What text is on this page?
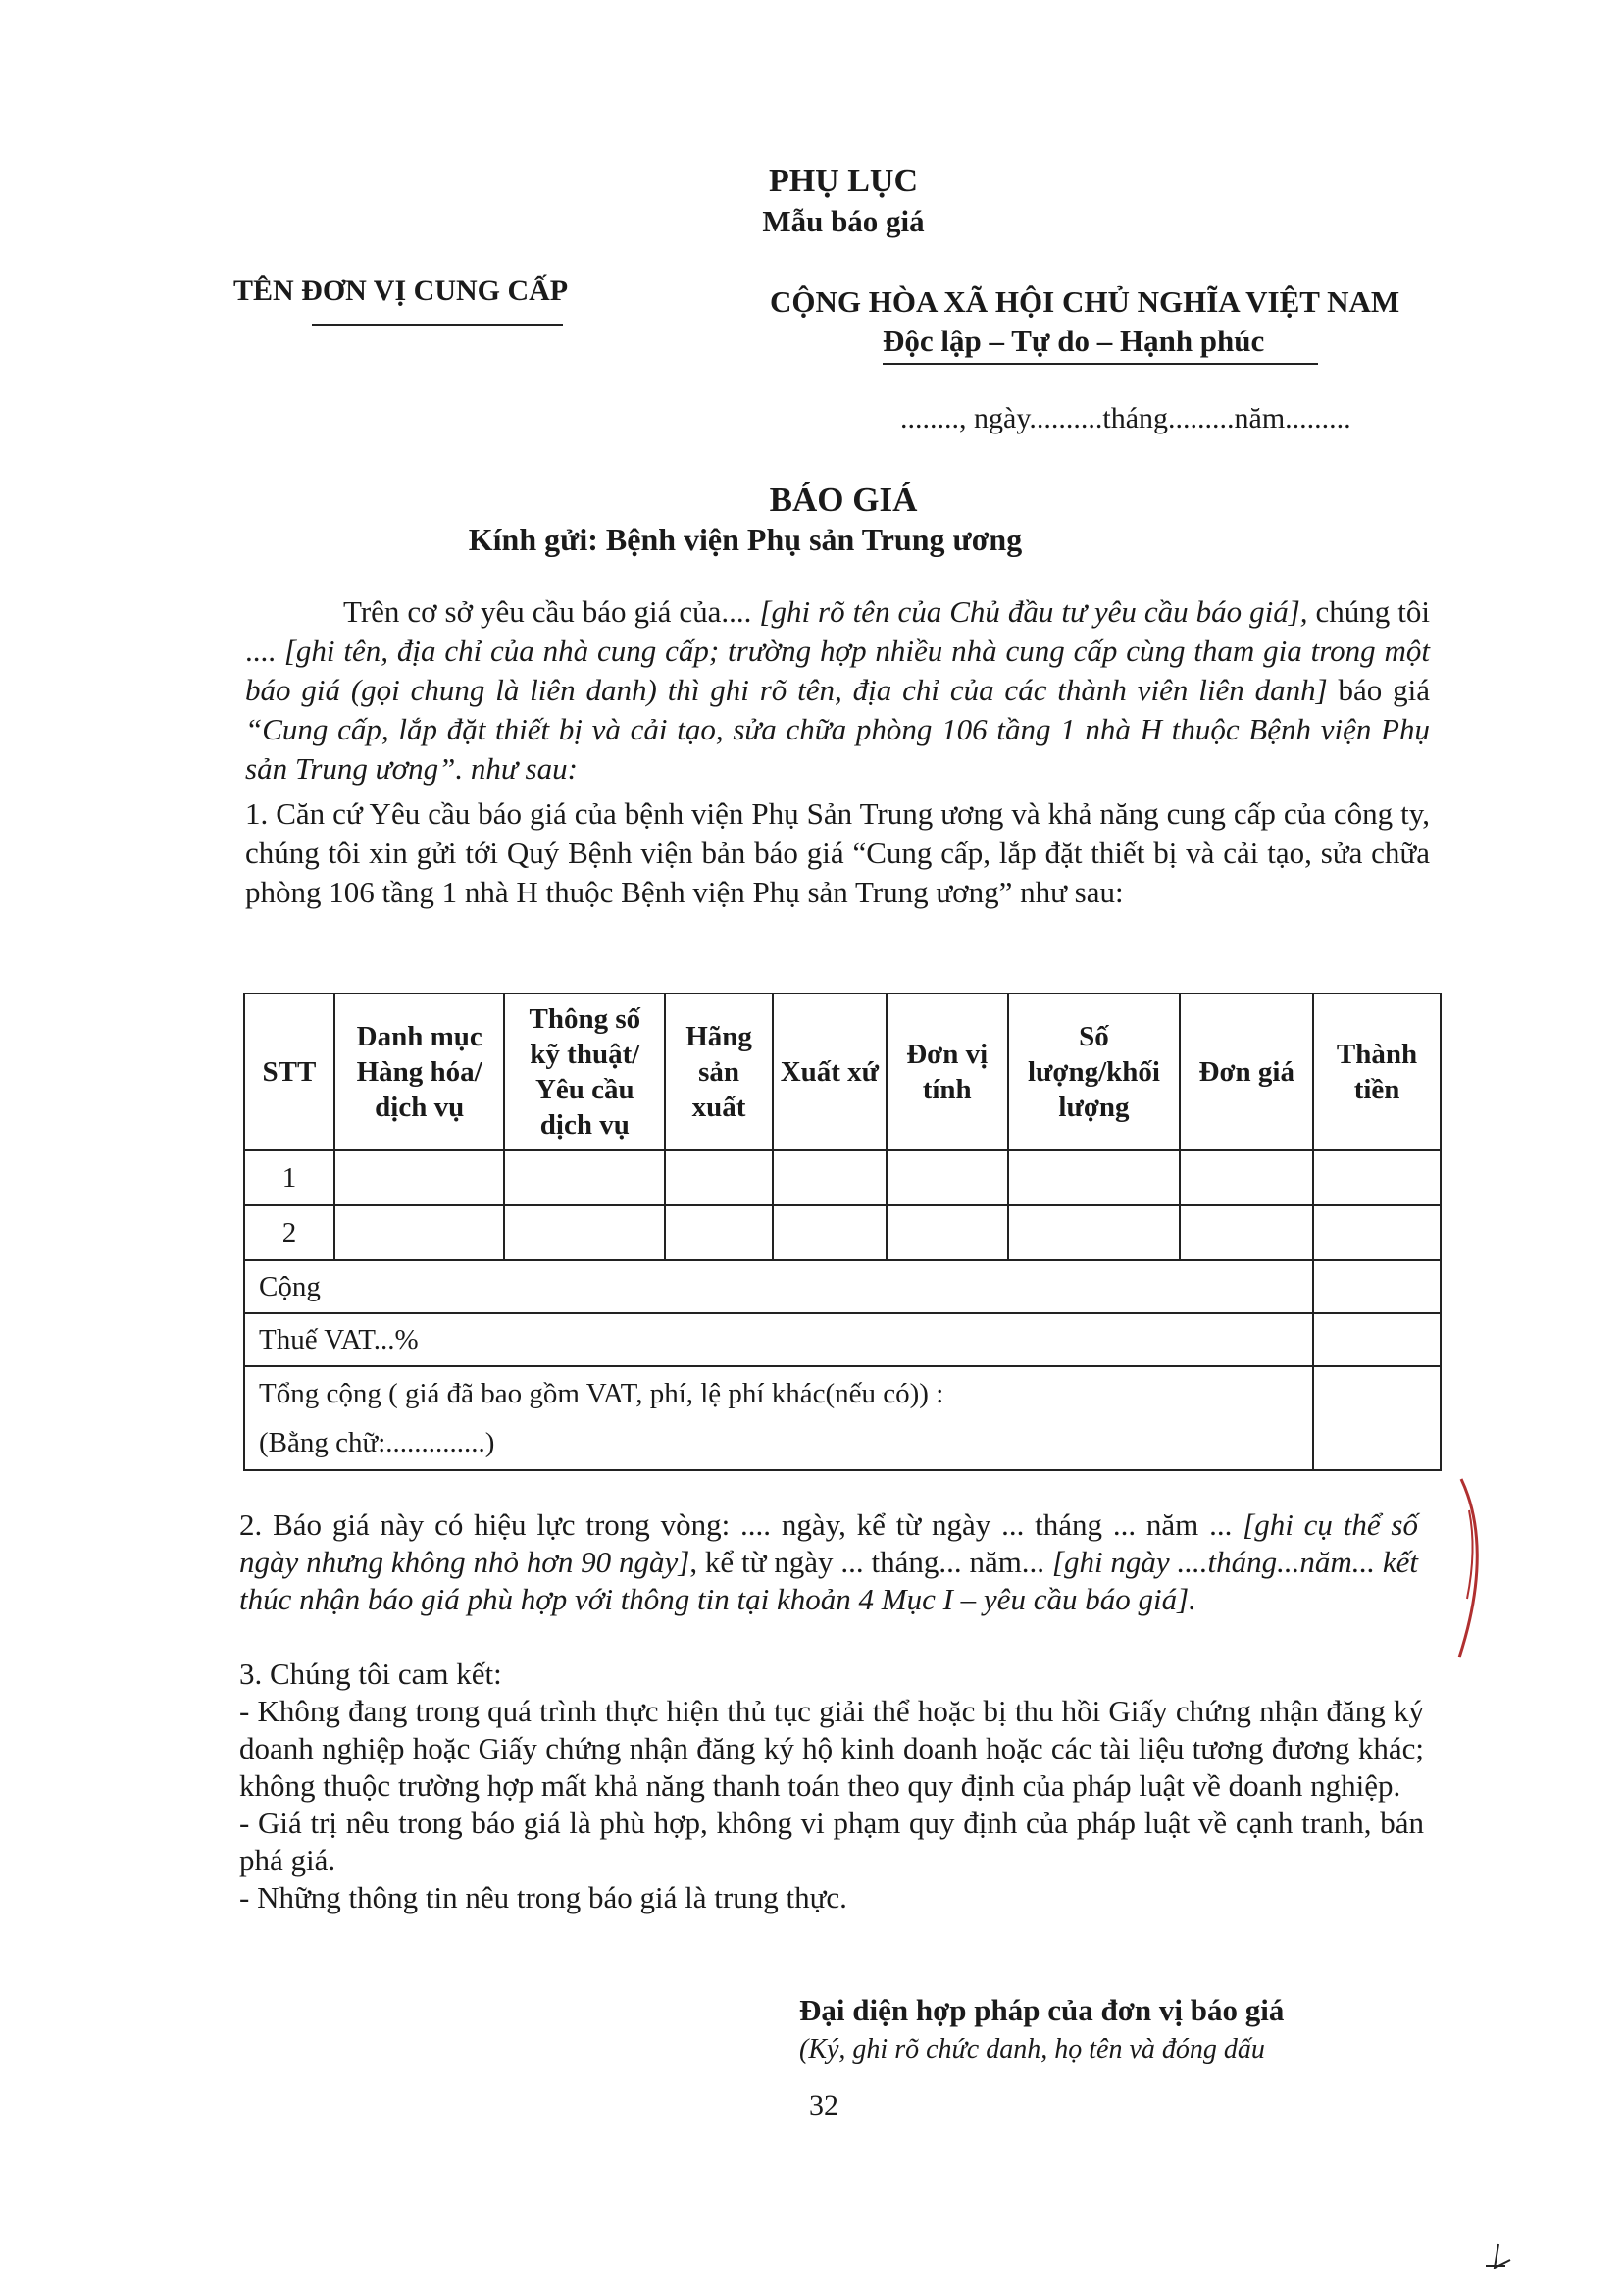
PHỤ LỤC
Mẫu báo giá
TÊN ĐƠN VỊ CUNG CẤP	CỘNG HÒA XÃ HỘI CHỦ NGHĨA VIỆT NAM
Độc lập – Tự do – Hạnh phúc
........, ngày..........tháng.........năm.........
BÁO GIÁ
Kính gửi: Bệnh viện Phụ sản Trung ương
Trên cơ sở yêu cầu báo giá của.... [ghi rõ tên của Chủ đầu tư yêu cầu báo giá], chúng tôi .... [ghi tên, địa chỉ của nhà cung cấp; trường hợp nhiều nhà cung cấp cùng tham gia trong một báo giá (gọi chung là liên danh) thì ghi rõ tên, địa chỉ của các thành viên liên danh] báo giá “Cung cấp, lắp đặt thiết bị và cải tạo, sửa chữa phòng 106 tầng 1 nhà H thuộc Bệnh viện Phụ sản Trung ương”. như sau:
1. Căn cứ Yêu cầu báo giá của bệnh viện Phụ Sản Trung ương và khả năng cung cấp của công ty, chúng tôi xin gửi tới Quý Bệnh viện bản báo giá “Cung cấp, lắp đặt thiết bị và cải tạo, sửa chữa phòng 106 tầng 1 nhà H thuộc Bệnh viện Phụ sản Trung ương” như sau:
STT	Danh mục Hàng hóa/ dịch vụ	Thông số kỹ thuật/ Yêu cầu dịch vụ	Hãng sản xuất	Xuất xứ	Đơn vị tính	Số lượng/khối lượng	Đơn giá	Thành tiền
1								
2								
Cộng								
Thuế VAT...%								

Tổng cộng ( giá đã bao gồm VAT, phí, lệ phí khác(nếu có)) :
(Bằng chữ:..............)								

2. Báo giá này có hiệu lực trong vòng: .... ngày, kể từ ngày ... tháng ... năm ... [ghi cụ thể số ngày nhưng không nhỏ hơn 90 ngày], kể từ ngày ... tháng... năm... [ghi ngày ....tháng...năm... kết thúc nhận báo giá phù hợp với thông tin tại khoản 4 Mục I – yêu cầu báo giá].
3. Chúng tôi cam kết:
- Không đang trong quá trình thực hiện thủ tục giải thể hoặc bị thu hồi Giấy chứng nhận đăng ký doanh nghiệp hoặc Giấy chứng nhận đăng ký hộ kinh doanh hoặc các tài liệu tương đương khác; không thuộc trường hợp mất khả năng thanh toán theo quy định của pháp luật về doanh nghiệp.
- Giá trị nêu trong báo giá là phù hợp, không vi phạm quy định của pháp luật về cạnh tranh, bán phá giá.
- Những thông tin nêu trong báo giá là trung thực.
Đại diện hợp pháp của đơn vị báo giá
(Ký, ghi rõ chức danh, họ tên và đóng dấu
32
